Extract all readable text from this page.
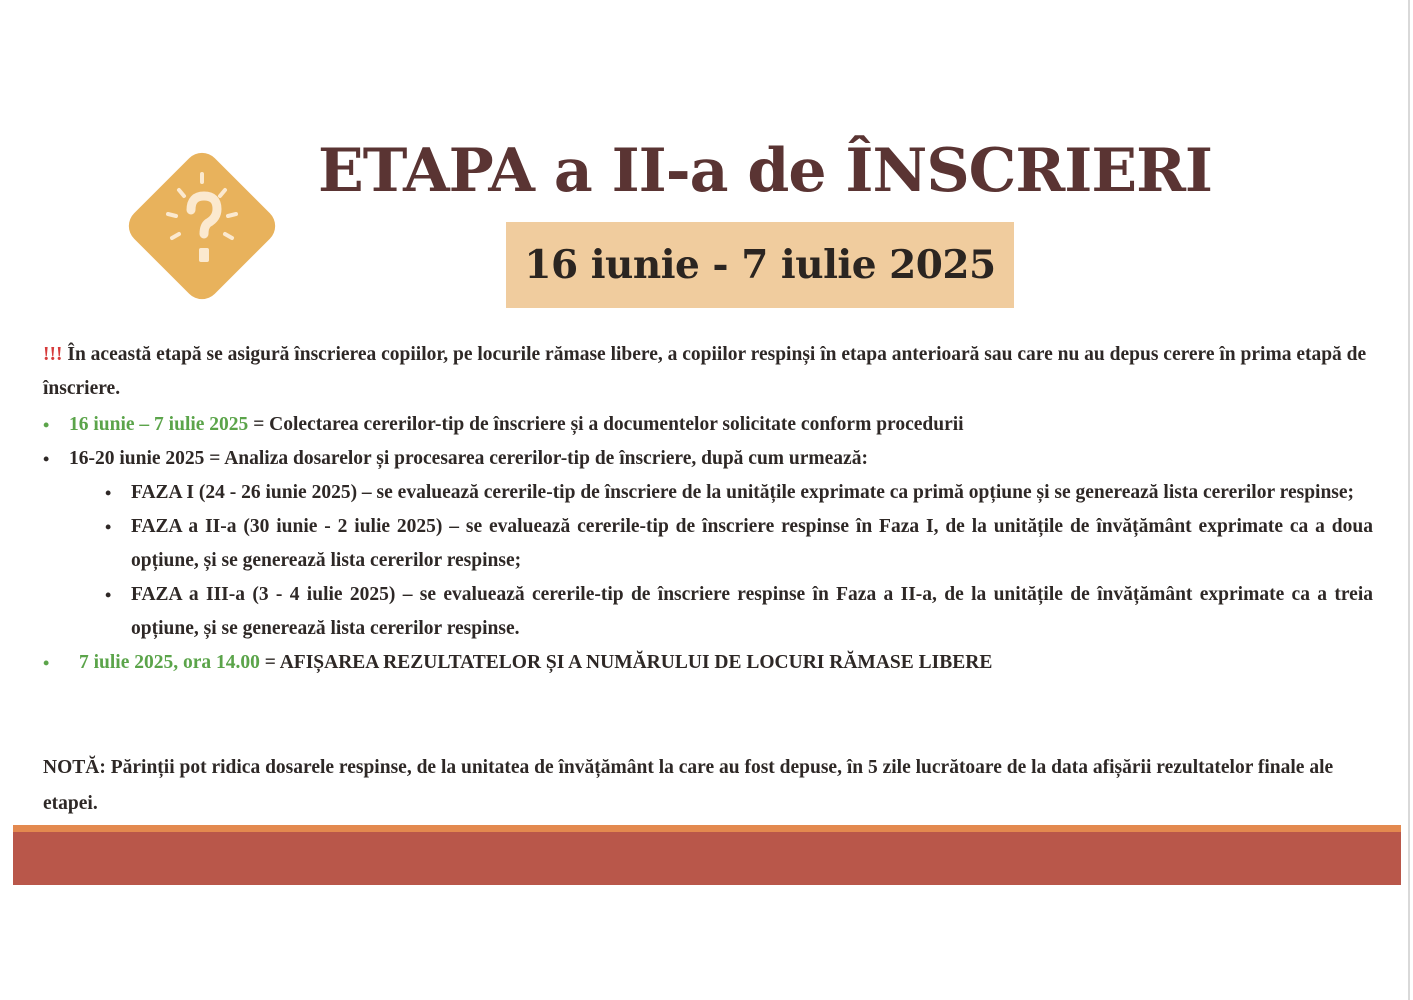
ETAPA a II-a de ÎNSCRIERI
16 iunie - 7 iulie 2025
!!! În această etapă se asigură înscrierea copiilor, pe locurile rămase libere, a copiilor respinși în etapa anterioară sau care nu au depus cerere în prima etapă de înscriere.
• 16 iunie – 7 iulie 2025 = Colectarea cererilor-tip de înscriere și a documentelor solicitate conform procedurii
• 16-20 iunie 2025 = Analiza dosarelor și procesarea cererilor-tip de înscriere, după cum urmează:
• FAZA I (24 - 26 iunie 2025) – se evaluează cererile-tip de înscriere de la unitățile exprimate ca primă opțiune și se generează lista cererilor respinse;
• FAZA a II-a (30 iunie - 2 iulie 2025) – se evaluează cererile-tip de înscriere respinse în Faza I, de la unitățile de învățământ exprimate ca a doua opțiune, și se generează lista cererilor respinse;
• FAZA a III-a (3 - 4 iulie 2025) – se evaluează cererile-tip de înscriere respinse în Faza a II-a, de la unitățile de învățământ exprimate ca a treia opțiune, și se generează lista cererilor respinse.
• 7 iulie 2025, ora 14.00 = AFIȘAREA REZULTATELOR ȘI A NUMĂRULUI DE LOCURI RĂMASE LIBERE
NOTĂ: Părinții pot ridica dosarele respinse, de la unitatea de învățământ la care au fost depuse, în 5 zile lucrătoare de la data afișării rezultatelor finale ale etapei.
